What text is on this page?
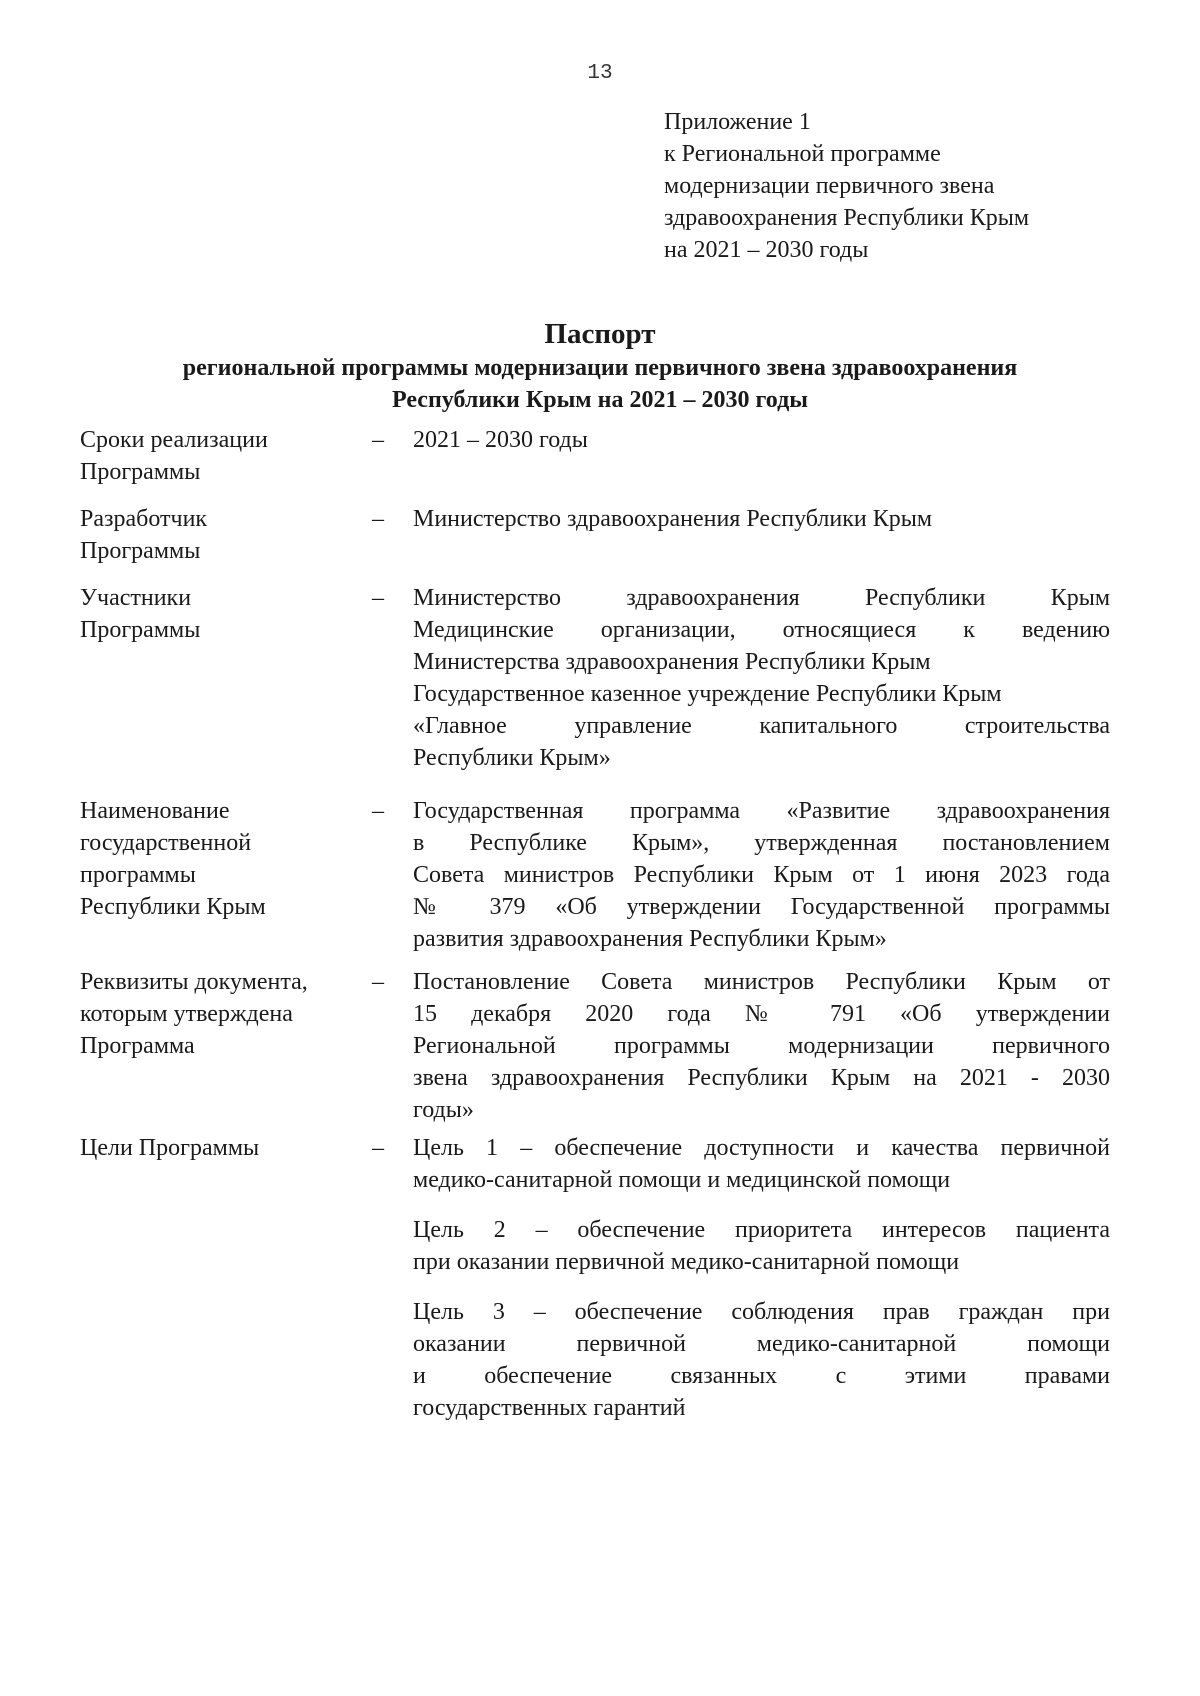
13
Приложение 1
к Региональной программе
модернизации первичного звена
здравоохранения Республики Крым
на 2021 – 2030 годы
Паспорт
региональной программы модернизации первичного звена здравоохранения
Республики Крым на 2021 – 2030 годы
Сроки реализации
Программы
–	2021 – 2030 годы
Разработчик
Программы
–	Министерство здравоохранения Республики Крым
Участники
Программы
–	Министерство здравоохранения Республики Крым
Медицинские организации, относящиеся к ведению
Министерства здравоохранения Республики Крым
Государственное казенное учреждение Республики Крым
«Главное управление капитального строительства
Республики Крым»
Наименование
государственной
программы
Республики Крым
–	Государственная программа «Развитие здравоохранения
в Республике Крым», утвержденная постановлением
Совета министров Республики Крым от 1 июня 2023 года
№ 379 «Об утверждении Государственной программы
развития здравоохранения Республики Крым»
Реквизиты документа,
которым утверждена
Программа
–	Постановление Совета министров Республики Крым от
15 декабря 2020 года № 791 «Об утверждении
Региональной программы модернизации первичного
звена здравоохранения Республики Крым на 2021 - 2030
годы»
Цели Программы	–	Цель 1 – обеспечение доступности и качества первичной
медико-санитарной помощи и медицинской помощи
Цель 2 – обеспечение приоритета интересов пациента
при оказании первичной медико-санитарной помощи
Цель 3 – обеспечение соблюдения прав граждан при
оказании первичной медико-санитарной помощи
и обеспечение связанных с этими правами
государственных гарантий
